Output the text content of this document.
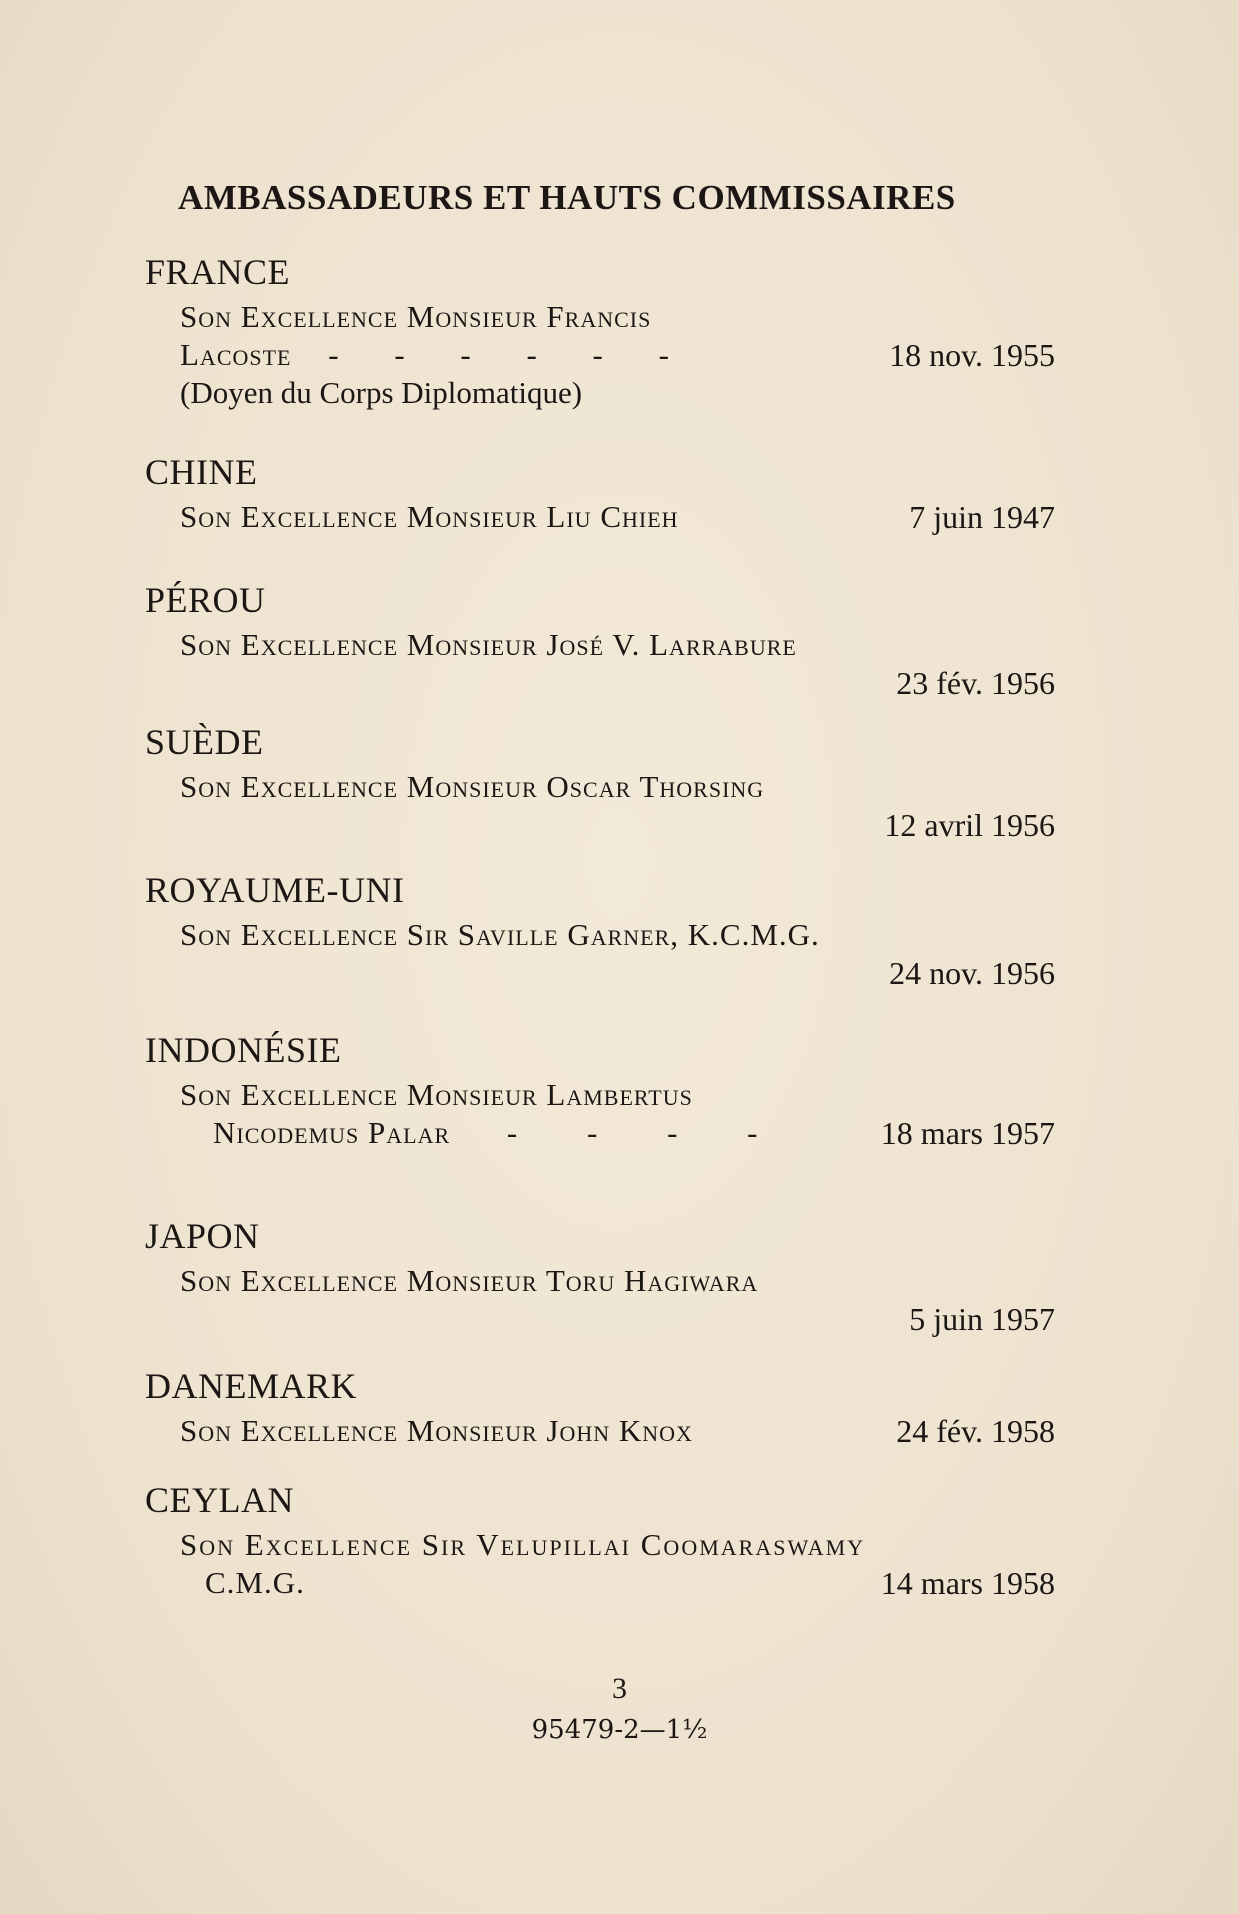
AMBASSADEURS ET HAUTS COMMISSAIRES
FRANCE
Son Excellence Monsieur Francis
Lacoste - - - - - -	18 nov. 1955
(Doyen du Corps Diplomatique)
CHINE
Son Excellence Monsieur Liu Chieh	7 juin 1947
PÉROU
Son Excellence Monsieur José V. Larrabure
23 fév. 1956
SUÈDE
Son Excellence Monsieur Oscar Thorsing
12 avril 1956
ROYAUME-UNI
Son Excellence Sir Saville Garner, K.C.M.G.
24 nov. 1956
INDONÉSIE
Son Excellence Monsieur Lambertus
Nicodemus Palar - - - -	18 mars 1957
JAPON
Son Excellence Monsieur Toru Hagiwara
5 juin 1957
DANEMARK
Son Excellence Monsieur John Knox	24 fév. 1958
CEYLAN
Son Excellence Sir Velupillai Coomaraswamy
C.M.G.	14 mars 1958
3
95479-2—1½
